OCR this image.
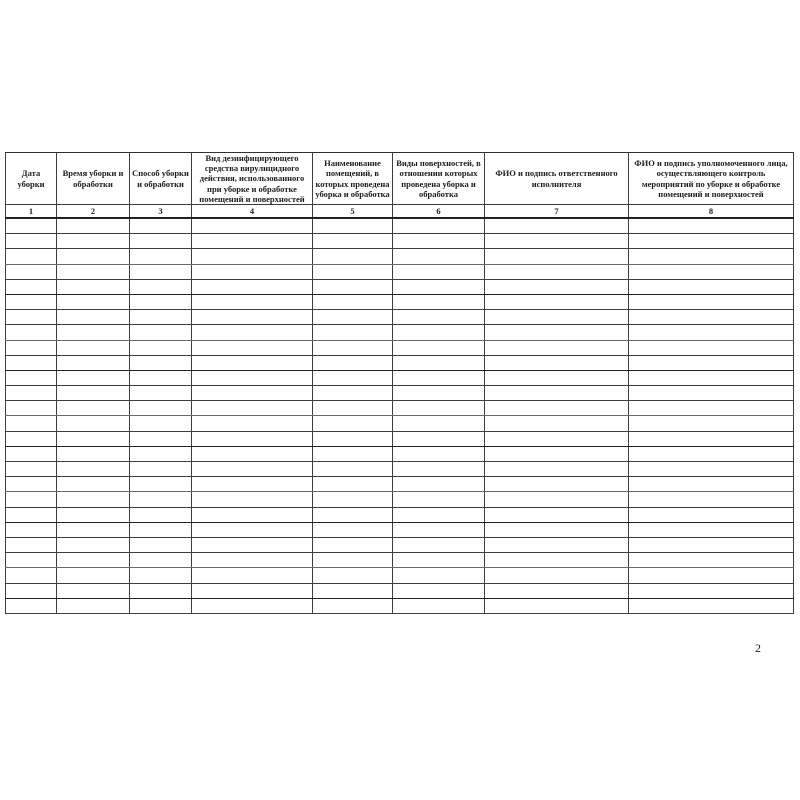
Дата уборки	Время уборки и обработки	Способ уборки и обработки	Вид дезинфицирующего средства вирулицидного действия, использованного при уборке и обработке помещений и поверхностей	Наименование помещений, в которых проведена уборка и обработка	Виды поверхностей, в отношении которых проведена уборка и обработка	ФИО и подпись ответственного исполнителя	ФИО и подпись уполномоченного лица, осуществляющего контроль мероприятий по уборке и обработке помещений и поверхностей
1	2	3	4	5	6	7	8

2
